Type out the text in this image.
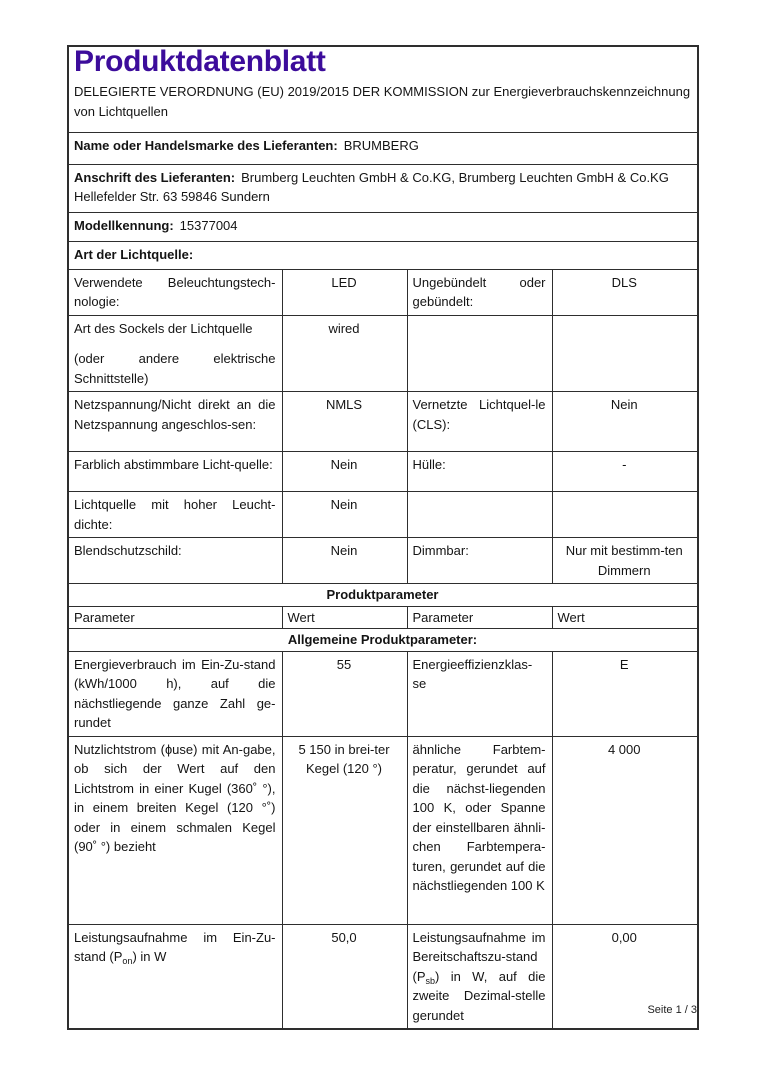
Produktdatenblatt
DELEGIERTE VERORDNUNG (EU) 2019/2015 DER KOMMISSION zur Energieverbrauchskennzeichnung von Lichtquellen			

Name oder Handelsmarke des Lieferanten: BRUMBERG			
Anschrift des Lieferanten: Brumberg Leuchten GmbH & Co.KG, Brumberg Leuchten GmbH & Co.KG Hellefelder Str. 63 59846 Sundern			
Modellkennung: 15377004			
Art der Lichtquelle:			
Verwendete Beleuchtungstech-nologie:	LED	Ungebündelt oder gebündelt:	DLS

Art des Sockels der Lichtquelle
(oder andere elektrische Schnittstelle)	wired		
Netzspannung/Nicht direkt an die Netzspannung angeschlos-sen:	NMLS	Vernetzte Lichtquel-le (CLS):	Nein
Farblich abstimmbare Licht-quelle:	Nein	Hülle:	-
Lichtquelle mit hoher Leucht-dichte:	Nein		
Blendschutzschild:	Nein	Dimmbar:	Nur mit bestimm-ten Dimmern
Produktparameter			
Parameter	Wert	Parameter	Wert
Allgemeine Produktparameter:			
Energieverbrauch im Ein-Zu-stand (kWh/1000 h), auf die nächstliegende ganze Zahl ge-rundet	55	Energieeffizienzklas-se	E
Nutzlichtstrom (ɸuse) mit An-gabe, ob sich der Wert auf den Lichtstrom in einer Kugel (360˚ °), in einem breiten Kegel (120 °˚) oder in einem schmalen Kegel (90˚ °) bezieht	5 150 in brei-ter Kegel (120 °)	ähnliche Farbtem-peratur, gerundet auf die nächst-liegenden 100 K, oder Spanne der einstellbaren ähnli-chen Farbtempera-turen, gerundet auf die nächstliegenden 100 K	4 000
Leistungsaufnahme im Ein-Zu-stand $(P_{on})$ in W	50,0	Leistungsaufnahme im Bereitschaftszu-stand $(P_{sb})$ in W, auf die zweite Dezimal-stelle gerundet	0,00
Seite 1 / 3
